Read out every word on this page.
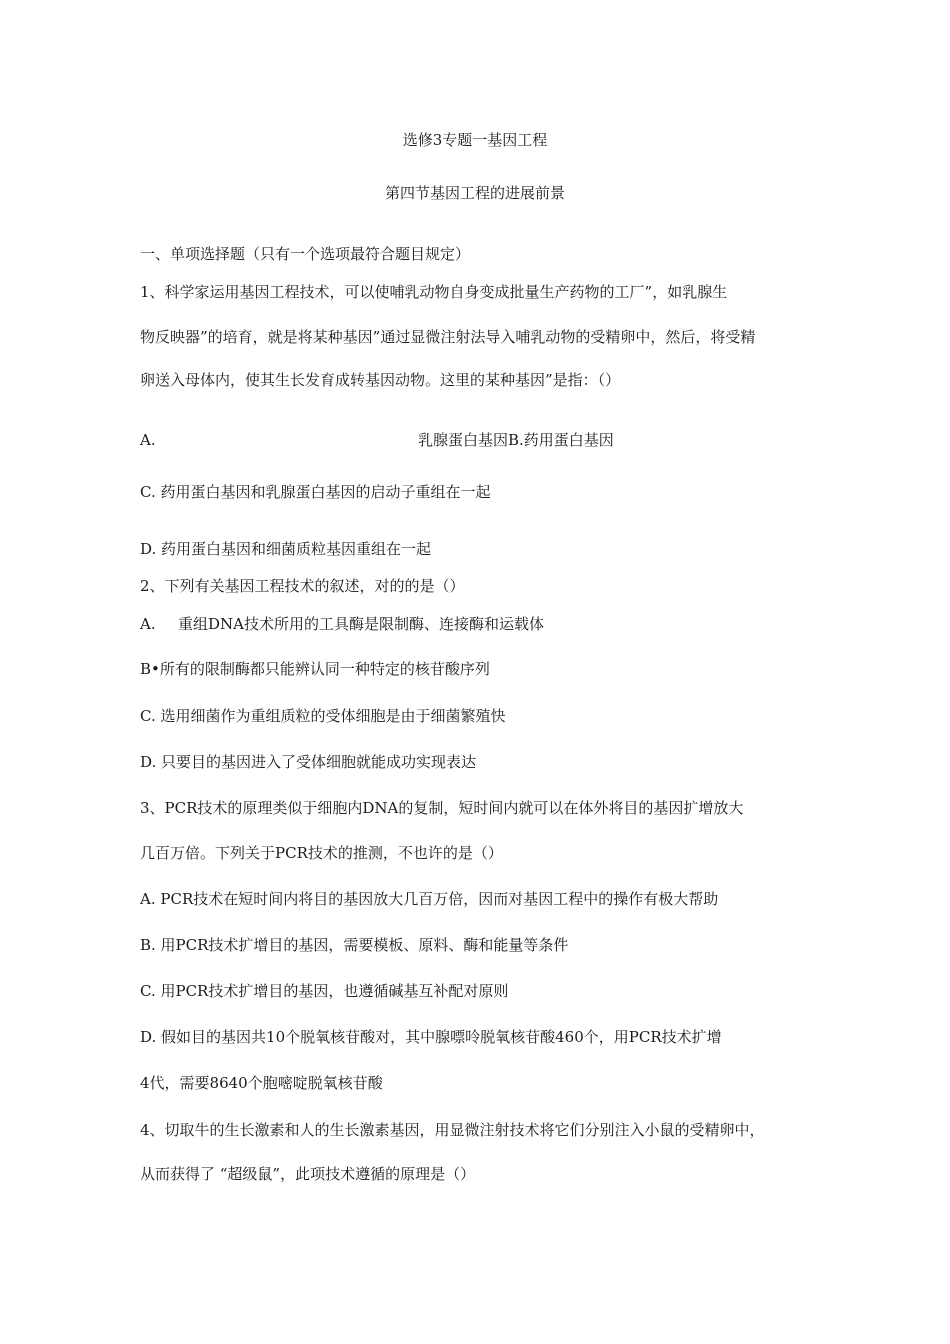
选修3专题一基因工程
第四节基因工程的进展前景
一、单项选择题（只有一个选项最符合题目规定）
1、科学家运用基因工程技术，可以使哺乳动物自身变成批量生产药物的工厂”，如乳腺生
物反映器”的培育，就是将某种基因”通过显微注射法导入哺乳动物的受精卵中，然后，将受精
卵送入母体内，使其生长发育成转基因动物。这里的某种基因”是指：（）
A.	乳腺蛋白基因B.药用蛋白基因
C. 药用蛋白基因和乳腺蛋白基因的启动子重组在一起
D. 药用蛋白基因和细菌质粒基因重组在一起
2、下列有关基因工程技术的叙述，对的的是（）
A. 重组DNA技术所用的工具酶是限制酶、连接酶和运载体
B•所有的限制酶都只能辨认同一种特定的核苷酸序列
C. 选用细菌作为重组质粒的受体细胞是由于细菌繁殖快
D. 只要目的基因进入了受体细胞就能成功实现表达
3、PCR技术的原理类似于细胞内DNA的复制，短时间内就可以在体外将目的基因扩增放大
几百万倍。下列关于PCR技术的推测，不也许的是（）
A. PCR技术在短时间内将目的基因放大几百万倍，因而对基因工程中的操作有极大帮助
B. 用PCR技术扩增目的基因，需要模板、原料、酶和能量等条件
C. 用PCR技术扩增目的基因，也遵循碱基互补配对原则
D. 假如目的基因共10个脱氧核苷酸对，其中腺嘌呤脱氧核苷酸460个，用PCR技术扩增
4代，需要8640个胞嘧啶脱氧核苷酸
4、切取牛的生长激素和人的生长激素基因，用显微注射技术将它们分别注入小鼠的受精卵中，
从而获得了 “超级鼠”，此项技术遵循的原理是（）
